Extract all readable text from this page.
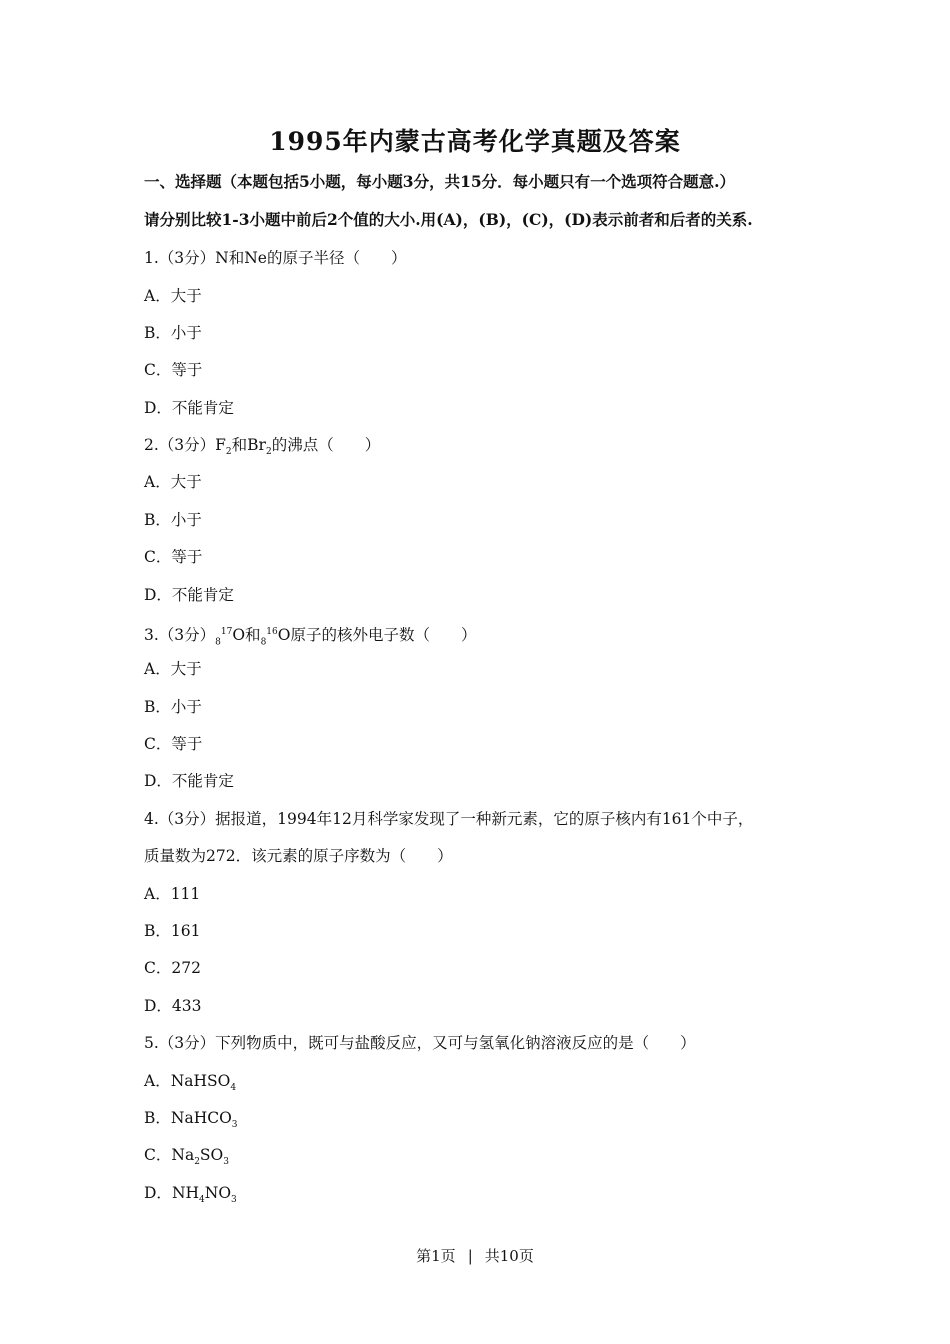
1995年内蒙古高考化学真题及答案
一、选择题（本题包括5小题，每小题3分，共15分．每小题只有一个选项符合题意.）
请分别比较1-3小题中前后2个值的大小.用(A)，(B)，(C)，(D)表示前者和后者的关系.
1.（3分）N和Ne的原子半径（　　）
A．大于
B．小于
C．等于
D．不能肯定
2.（3分）$F_2$和$Br_2$的沸点（　　）
A．大于
B．小于
C．等于
D．不能肯定
3.（3分）$_8^{17}O$和$_8^{16}$O原子的核外电子数（　　）
A．大于
B．小于
C．等于
D．不能肯定
4.（3分）据报道，1994年12月科学家发现了一种新元素，它的原子核内有161个中子，
质量数为272．该元素的原子序数为（　　）
A．111
B．161
C．272
D．433
5.（3分）下列物质中，既可与盐酸反应，又可与氢氧化钠溶液反应的是（　　）
A．NaHSO$_4$
B．NaHCO$_3$
C．$Na_2SO_3$
D．$NH_4NO_3$
第1页 | 共10页
